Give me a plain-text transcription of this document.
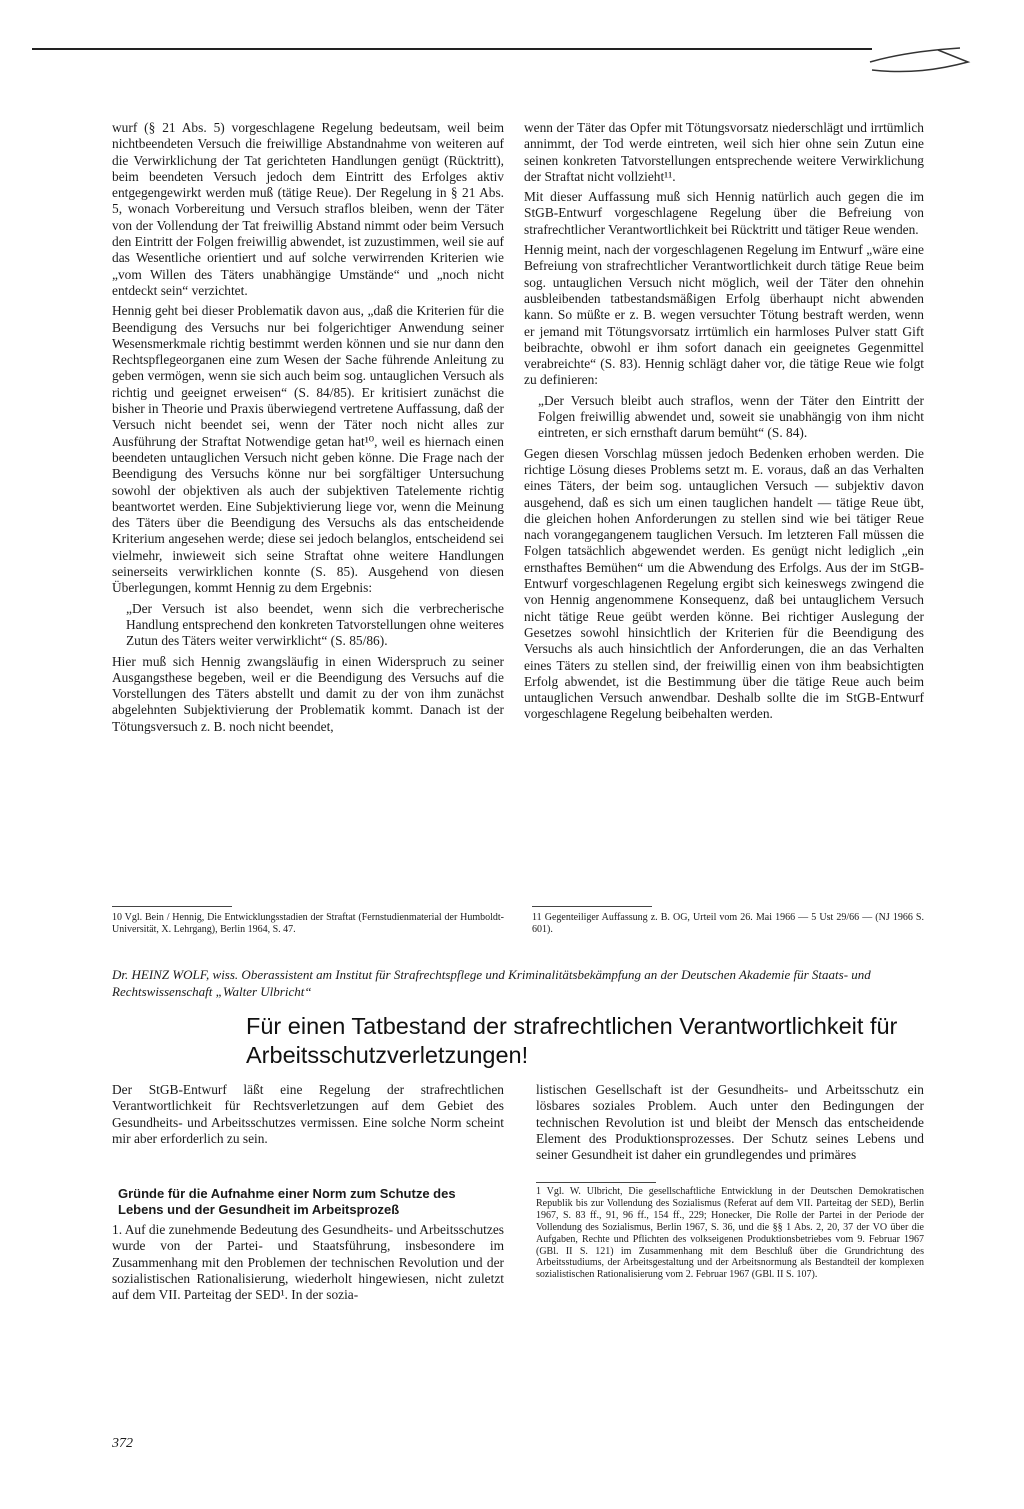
wurf (§ 21 Abs. 5) vorgeschlagene Regelung bedeutsam, weil beim nichtbeendeten Versuch die freiwillige Abstandnahme von weiteren auf die Verwirklichung der Tat gerichteten Handlungen genügt (Rücktritt), beim beendeten Versuch jedoch dem Eintritt des Erfolges aktiv entgegengewirkt werden muß (tätige Reue). Der Regelung in § 21 Abs. 5, wonach Vorbereitung und Versuch straflos bleiben, wenn der Täter von der Vollendung der Tat freiwillig Abstand nimmt oder beim Versuch den Eintritt der Folgen freiwillig abwendet, ist zuzustimmen, weil sie auf das Wesentliche orientiert und auf solche verwirrenden Kriterien wie „vom Willen des Täters unabhängige Umstände“ und „noch nicht entdeckt sein“ verzichtet.

Hennig geht bei dieser Problematik davon aus, „daß die Kriterien für die Beendigung des Versuchs nur bei folgerichtiger Anwendung seiner Wesensmerkmale richtig bestimmt werden können und sie nur dann den Rechtspflegeorganen eine zum Wesen der Sache führende Anleitung zu geben vermögen, wenn sie sich auch beim sog. untauglichen Versuch als richtig und geeignet erweisen“ (S. 84/85). Er kritisiert zunächst die bisher in Theorie und Praxis überwiegend vertretene Auffassung, daß der Versuch nicht beendet sei, wenn der Täter noch nicht alles zur Ausführung der Straftat Notwendige getan hat¹⁰, weil es hiernach einen beendeten untauglichen Versuch nicht geben könne. Die Frage nach der Beendigung des Versuchs könne nur bei sorgfältiger Untersuchung sowohl der objektiven als auch der subjektiven Tatelemente richtig beantwortet werden. Eine Subjektivierung liege vor, wenn die Meinung des Täters über die Beendigung des Versuchs als das entscheidende Kriterium angesehen werde; diese sei jedoch belanglos, entscheidend sei vielmehr, inwieweit sich seine Straftat ohne weitere Handlungen seinerseits verwirklichen konnte (S. 85). Ausgehend von diesen Überlegungen, kommt Hennig zu dem Ergebnis:

„Der Versuch ist also beendet, wenn sich die verbrecherische Handlung entsprechend den konkreten Tatvorstellungen ohne weiteres Zutun des Täters weiter verwirklicht“ (S. 85/86).

Hier muß sich Hennig zwangsläufig in einen Widerspruch zu seiner Ausgangsthese begeben, weil er die Beendigung des Versuchs auf die Vorstellungen des Täters abstellt und damit zu der von ihm zunächst abgelehnten Subjektivierung der Problematik kommt. Danach ist der Tötungsversuch z. B. noch nicht beendet,

wenn der Täter das Opfer mit Tötungsvorsatz niederschlägt und irrtümlich annimmt, der Tod werde eintreten, weil sich hier ohne sein Zutun eine seinen konkreten Tatvorstellungen entsprechende weitere Verwirklichung der Straftat nicht vollzieht¹¹.

Mit dieser Auffassung muß sich Hennig natürlich auch gegen die im StGB-Entwurf vorgeschlagene Regelung über die Befreiung von strafrechtlicher Verantwortlichkeit bei Rücktritt und tätiger Reue wenden.

Hennig meint, nach der vorgeschlagenen Regelung im Entwurf „wäre eine Befreiung von strafrechtlicher Verantwortlichkeit durch tätige Reue beim sog. untauglichen Versuch nicht möglich, weil der Täter den ohnehin ausbleibenden tatbestandsmäßigen Erfolg überhaupt nicht abwenden kann. So müßte er z. B. wegen versuchter Tötung bestraft werden, wenn er jemand mit Tötungsvorsatz irrtümlich ein harmloses Pulver statt Gift beibrachte, obwohl er ihm sofort danach ein geeignetes Gegenmittel verabreichte“ (S. 83). Hennig schlägt daher vor, die tätige Reue wie folgt zu definieren:

„Der Versuch bleibt auch straflos, wenn der Täter den Eintritt der Folgen freiwillig abwendet und, soweit sie unabhängig von ihm nicht eintreten, er sich ernsthaft darum bemüht“ (S. 84).

Gegen diesen Vorschlag müssen jedoch Bedenken erhoben werden. Die richtige Lösung dieses Problems setzt m. E. voraus, daß an das Verhalten eines Täters, der beim sog. untauglichen Versuch — subjektiv davon ausgehend, daß es sich um einen tauglichen handelt — tätige Reue übt, die gleichen hohen Anforderungen zu stellen sind wie bei tätiger Reue nach vorangegangenem tauglichen Versuch. Im letzteren Fall müssen die Folgen tatsächlich abgewendet werden. Es genügt nicht lediglich „ein ernsthaftes Bemühen“ um die Abwendung des Erfolgs. Aus der im StGB-Entwurf vorgeschlagenen Regelung ergibt sich keineswegs zwingend die von Hennig angenommene Konsequenz, daß bei untauglichem Versuch nicht tätige Reue geübt werden könne. Bei richtiger Auslegung der Gesetzes sowohl hinsichtlich der Kriterien für die Beendigung des Versuchs als auch hinsichtlich der Anforderungen, die an das Verhalten eines Täters zu stellen sind, der freiwillig einen von ihm beabsichtigten Erfolg abwendet, ist die Bestimmung über die tätige Reue auch beim untauglichen Versuch anwendbar. Deshalb sollte die im StGB-Entwurf vorgeschlagene Regelung beibehalten werden.

10 Vgl. Bein / Hennig, Die Entwicklungsstadien der Straftat (Fernstudienmaterial der Humboldt-Universität, X. Lehrgang), Berlin 1964, S. 47.
11 Gegenteiliger Auffassung z. B. OG, Urteil vom 26. Mai 1966 — 5 Ust 29/66 — (NJ 1966 S. 601).
Dr. HEINZ WOLF, wiss. Oberassistent am Institut für Strafrechtspflege und Kriminalitätsbekämpfung an der Deutschen Akademie für Staats- und Rechtswissenschaft „Walter Ulbricht“
Für einen Tatbestand der strafrechtlichen Verantwortlichkeit für Arbeitsschutzverletzungen!
Der StGB-Entwurf läßt eine Regelung der strafrechtlichen Verantwortlichkeit für Rechtsverletzungen auf dem Gebiet des Gesundheits- und Arbeitsschutzes vermissen. Eine solche Norm scheint mir aber erforderlich zu sein.
Gründe für die Aufnahme einer Norm zum Schutze des Lebens und der Gesundheit im Arbeitsprozeß
1. Auf die zunehmende Bedeutung des Gesundheits- und Arbeitsschutzes wurde von der Partei- und Staatsführung, insbesondere im Zusammenhang mit den Problemen der technischen Revolution und der sozialistischen Rationalisierung, wiederholt hingewiesen, nicht zuletzt auf dem VII. Parteitag der SED¹. In der sozia-
listischen Gesellschaft ist der Gesundheits- und Arbeitsschutz ein lösbares soziales Problem. Auch unter den Bedingungen der technischen Revolution ist und bleibt der Mensch das entscheidende Element des Produktionsprozesses. Der Schutz seines Lebens und seiner Gesundheit ist daher ein grundlegendes und primäres
1 Vgl. W. Ulbricht, Die gesellschaftliche Entwicklung in der Deutschen Demokratischen Republik bis zur Vollendung des Sozialismus (Referat auf dem VII. Parteitag der SED), Berlin 1967, S. 83 ff., 91, 96 ff., 154 ff., 229; Honecker, Die Rolle der Partei in der Periode der Vollendung des Sozialismus, Berlin 1967, S. 36, und die §§ 1 Abs. 2, 20, 37 der VO über die Aufgaben, Rechte und Pflichten des volkseigenen Produktionsbetriebes vom 9. Februar 1967 (GBl. II S. 121) im Zusammenhang mit dem Beschluß über die Grundrichtung des Arbeitsstudiums, der Arbeitsgestaltung und der Arbeitsnormung als Bestandteil der komplexen sozialistischen Rationalisierung vom 2. Februar 1967 (GBl. II S. 107).
372
